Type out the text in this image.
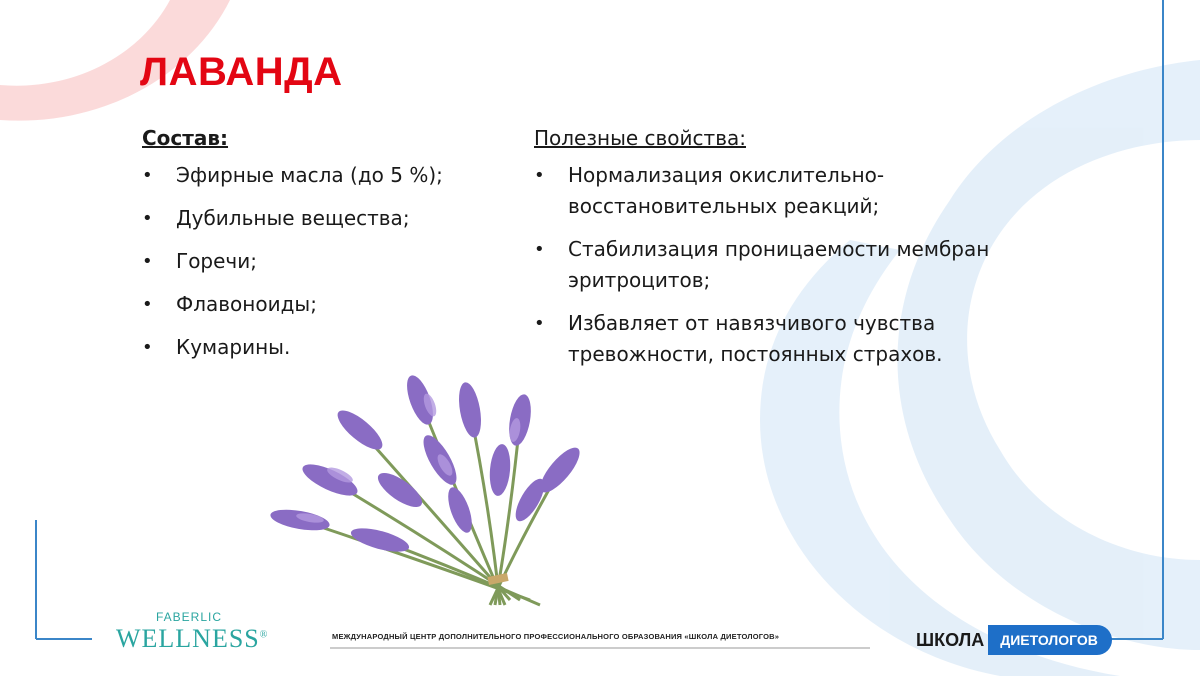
ЛАВАНДА

Состав:

• Эфирные масла (до 5 %);
• Дубильные вещества;
• Горечи;
• Флавоноиды;
• Кумарины.

Полезные свойства:

• Нормализация окислительно-восстановительных реакций;
• Стабилизация проницаемости мембран эритроцитов;
• Избавляет от навязчивого чувства тревожности, постоянных страхов.
FABERLIC
WELLNESS®	МЕЖДУНАРОДНЫЙ ЦЕНТР ДОПОЛНИТЕЛЬНОГО ПРОФЕССИОНАЛЬНОГО ОБРАЗОВАНИЯ «ШКОЛА ДИЕТОЛОГОВ»	ШКОЛА	ДИЕТОЛОГОВ
